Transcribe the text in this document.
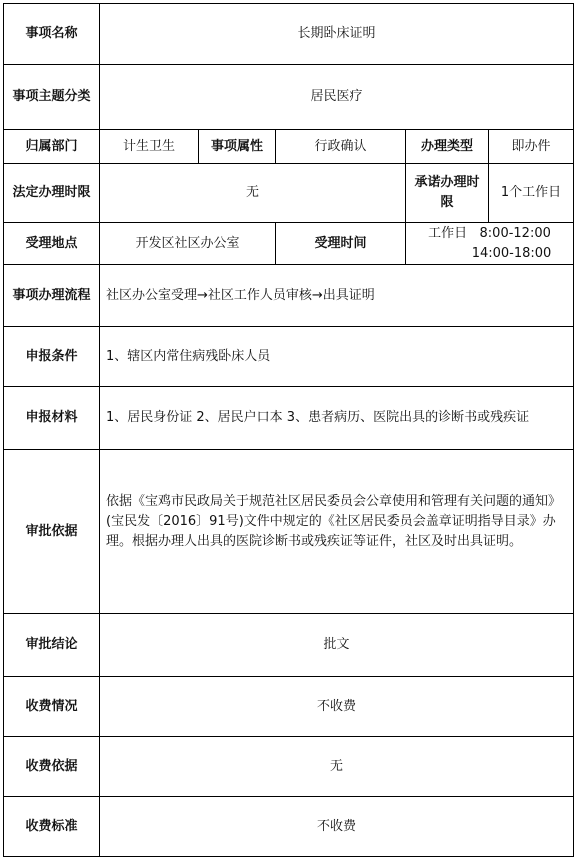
事项名称	长期卧床证明				
事项主题分类	居民医疗				
归属部门	计生卫生	事项属性	行政确认	办理类型	即办件
法定办理时限	无			承诺办理时限	1个工作日
受理地点	开发区社区办公室		受理时间	工作日   8:00-12:00
14:00-18:00	

事项办理流程	社区办公室受理→社区工作人员审核→出具证明				
申报条件	1、辖区内常住病残卧床人员				
申报材料	1、居民身份证 2、居民户口本 3、患者病历、医院出具的诊断书或残疾证				
审批依据	依据《宝鸡市民政局关于规范社区居民委员会公章使用和管理有关问题的通知》(宝民发〔2016〕91号)文件中规定的《社区居民委员会盖章证明指导目录》办理。根据办理人出具的医院诊断书或残疾证等证件，社区及时出具证明。				
审批结论	批文				
收费情况	不收费				
收费依据	无				
收费标准	不收费				
